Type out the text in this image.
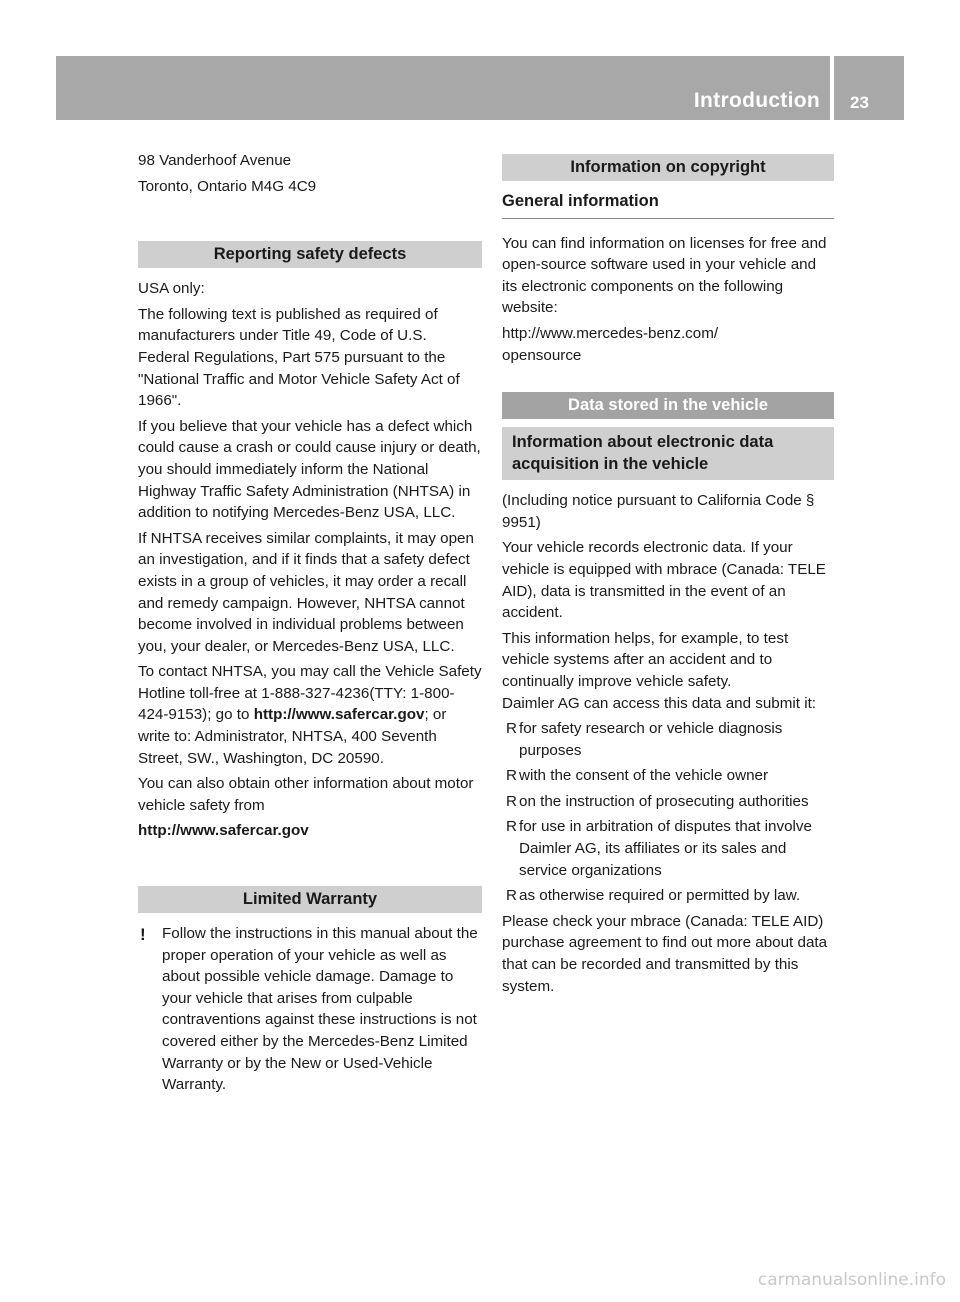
Introduction 23

98 Vanderhoof Avenue

Toronto, Ontario M4G 4C9

Reporting safety defects

USA only:

The following text is published as required of manufacturers under Title 49, Code of U.S. Federal Regulations, Part 575 pursuant to the "National Traffic and Motor Vehicle Safety Act of 1966".

If you believe that your vehicle has a defect which could cause a crash or could cause injury or death, you should immediately inform the National Highway Traffic Safety Administration (NHTSA) in addition to notifying Mercedes-Benz USA, LLC.

If NHTSA receives similar complaints, it may open an investigation, and if it finds that a safety defect exists in a group of vehicles, it may order a recall and remedy campaign. However, NHTSA cannot become involved in individual problems between you, your dealer, or Mercedes-Benz USA, LLC.

To contact NHTSA, you may call the Vehicle Safety Hotline toll-free at 1-888-327-4236(TTY: 1-800-424-9153); go to http://www.safercar.gov; or write to: Administrator, NHTSA, 400 Seventh Street, SW., Washington, DC 20590.

You can also obtain other information about motor vehicle safety from

http://www.safercar.gov

Limited Warranty
! Follow the instructions in this manual about the proper operation of your vehicle as well as about possible vehicle damage. Damage to your vehicle that arises from culpable contraventions against these instructions is not covered either by the Mercedes-Benz Limited Warranty or by the New or Used-Vehicle Warranty.
Information on copyright
General information

You can find information on licenses for free and open-source software used in your vehicle and its electronic components on the following website:

http://www.mercedes-benz.com/ opensource

Data stored in the vehicle
Information about electronic data acquisition in the vehicle

(Including notice pursuant to California Code § 9951)

Your vehicle records electronic data. If your vehicle is equipped with mbrace (Canada: TELE AID), data is transmitted in the event of an accident.

This information helps, for example, to test vehicle systems after an accident and to continually improve vehicle safety.

Daimler AG can access this data and submit it:

R for safety research or vehicle diagnosis purposes
R with the consent of the vehicle owner
R on the instruction of prosecuting authorities
R for use in arbitration of disputes that involve Daimler AG, its affiliates or its sales and service organizations
R as otherwise required or permitted by law.

Please check your mbrace (Canada: TELE AID) purchase agreement to find out more about data that can be recorded and transmitted by this system.

carmanualsonline.info
